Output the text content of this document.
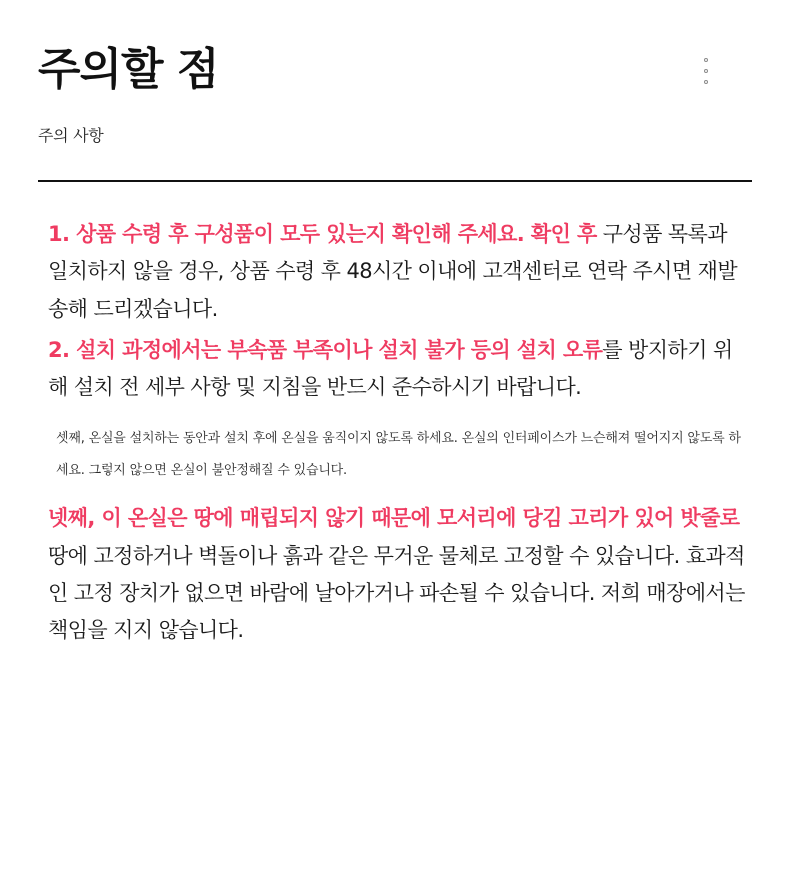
주의할 점
주의 사항

1. 상품 수령 후 구성품이 모두 있는지 확인해 주세요. 확인 후 구성품 목록과 일치하지 않을 경우, 상품 수령 후 48시간 이내에 고객센터로 연락 주시면 재발송해 드리겠습니다.

2. 설치 과정에서는 부속품 부족이나 설치 불가 등의 설치 오류를 방지하기 위해 설치 전 세부 사항 및 지침을 반드시 준수하시기 바랍니다.

셋째, 온실을 설치하는 동안과 설치 후에 온실을 움직이지 않도록 하세요. 온실의 인터페이스가 느슨해져 떨어지지 않도록 하세요. 그렇지 않으면 온실이 불안정해질 수 있습니다.

넷째, 이 온실은 땅에 매립되지 않기 때문에 모서리에 당김 고리가 있어 밧줄로 땅에 고정하거나 벽돌이나 흙과 같은 무거운 물체로 고정할 수 있습니다. 효과적인 고정 장치가 없으면 바람에 날아가거나 파손될 수 있습니다. 저희 매장에서는 책임을 지지 않습니다.
